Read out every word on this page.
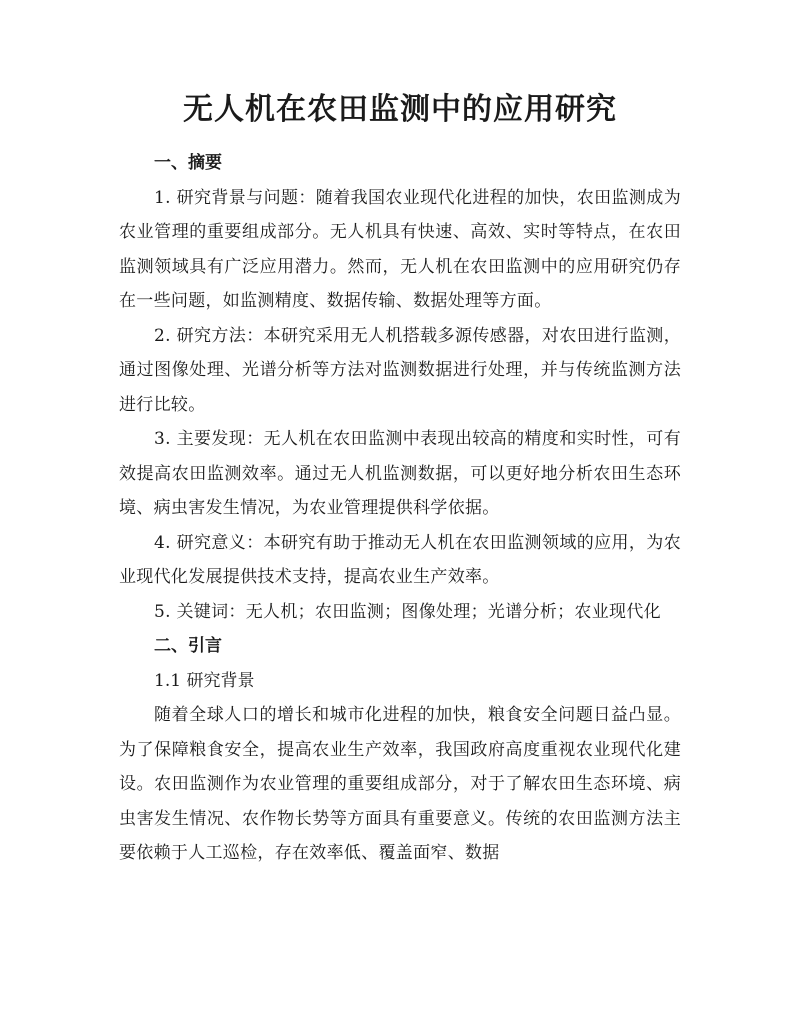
无人机在农田监测中的应用研究
一、摘要

1. 研究背景与问题：随着我国农业现代化进程的加快，农田监测成为农业管理的重要组成部分。无人机具有快速、高效、实时等特点，在农田监测领域具有广泛应用潜力。然而，无人机在农田监测中的应用研究仍存在一些问题，如监测精度、数据传输、数据处理等方面。

2. 研究方法：本研究采用无人机搭载多源传感器，对农田进行监测，通过图像处理、光谱分析等方法对监测数据进行处理，并与传统监测方法进行比较。

3. 主要发现：无人机在农田监测中表现出较高的精度和实时性，可有效提高农田监测效率。通过无人机监测数据，可以更好地分析农田生态环境、病虫害发生情况，为农业管理提供科学依据。

4. 研究意义：本研究有助于推动无人机在农田监测领域的应用，为农业现代化发展提供技术支持，提高农业生产效率。

5. 关键词：无人机；农田监测；图像处理；光谱分析；农业现代化

二、引言

1.1 研究背景

随着全球人口的增长和城市化进程的加快，粮食安全问题日益凸显。为了保障粮食安全，提高农业生产效率，我国政府高度重视农业现代化建设。农田监测作为农业管理的重要组成部分，对于了解农田生态环境、病虫害发生情况、农作物长势等方面具有重要意义。传统的农田监测方法主要依赖于人工巡检，存在效率低、覆盖面窄、数据
